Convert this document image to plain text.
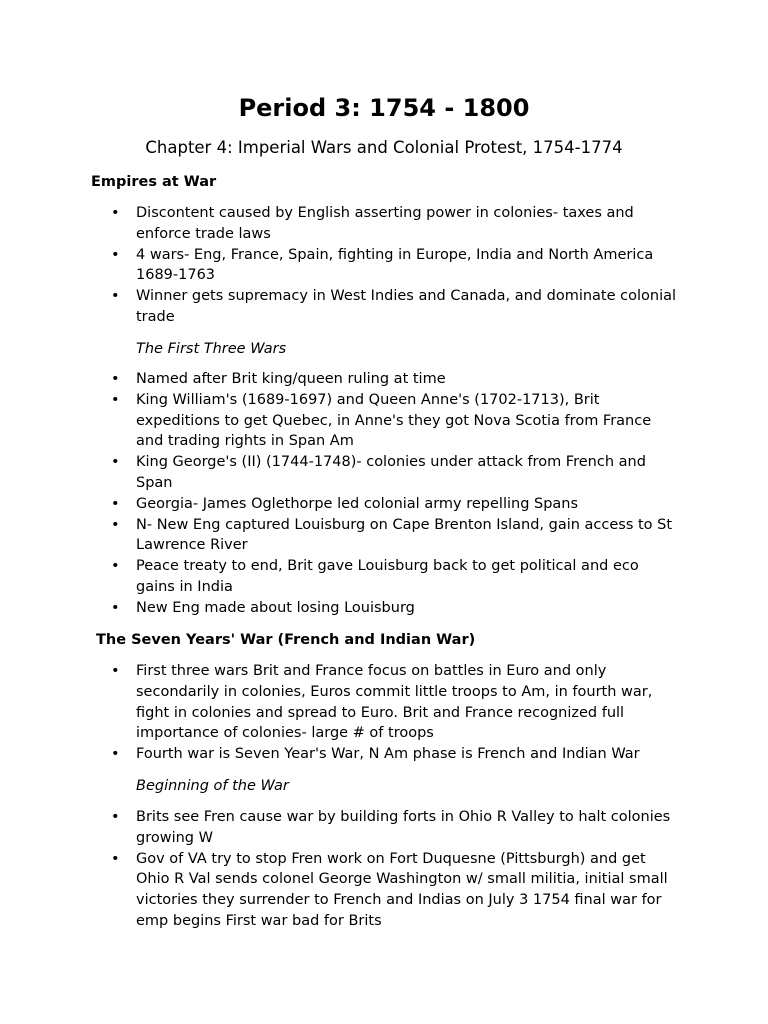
Period 3: 1754 - 1800
Chapter 4: Imperial Wars and Colonial Protest, 1754-1774
Empires at War
• Discontent caused by English asserting power in colonies- taxes and enforce trade laws
• 4 wars- Eng, France, Spain, fighting in Europe, India and North America 1689-1763
• Winner gets supremacy in West Indies and Canada, and dominate colonial trade
The First Three Wars
• Named after Brit king/queen ruling at time
• King William's (1689-1697) and Queen Anne's (1702-1713), Brit expeditions to get Quebec, in Anne's they got Nova Scotia from France and trading rights in Span Am
• King George's (II) (1744-1748)- colonies under attack from French and Span
• Georgia- James Oglethorpe led colonial army repelling Spans
• N- New Eng captured Louisburg on Cape Brenton Island, gain access to St Lawrence River
• Peace treaty to end, Brit gave Louisburg back to get political and eco gains in India
• New Eng made about losing Louisburg
The Seven Years' War (French and Indian War)
• First three wars Brit and France focus on battles in Euro and only secondarily in colonies, Euros commit little troops to Am, in fourth war, fight in colonies and spread to Euro. Brit and France recognized full importance of colonies- large # of troops
• Fourth war is Seven Year's War, N Am phase is French and Indian War
Beginning of the War
• Brits see Fren cause war by building forts in Ohio R Valley to halt colonies growing W
• Gov of VA try to stop Fren work on Fort Duquesne (Pittsburgh) and get Ohio R Val sends colonel George Washington w/ small militia, initial small victories they surrender to French and Indias on July 3 1754 final war for emp begins First war bad for Brits
